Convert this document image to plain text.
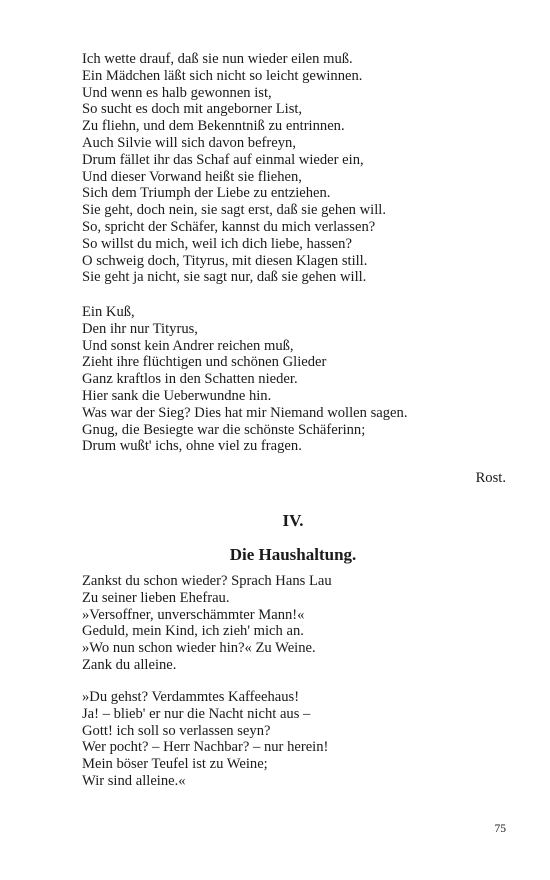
Ich wette drauf, daß sie nun wieder eilen muß.
Ein Mädchen läßt sich nicht so leicht gewinnen.
Und wenn es halb gewonnen ist,
So sucht es doch mit angeborner List,
Zu fliehn, und dem Bekenntniß zu entrinnen.
Auch Silvie will sich davon befreyn,
Drum fället ihr das Schaf auf einmal wieder ein,
Und dieser Vorwand heißt sie fliehen,
Sich dem Triumph der Liebe zu entziehen.
Sie geht, doch nein, sie sagt erst, daß sie gehen will.
So, spricht der Schäfer, kannst du mich verlassen?
So willst du mich, weil ich dich liebe, hassen?
O schweig doch, Tityrus, mit diesen Klagen still.
Sie geht ja nicht, sie sagt nur, daß sie gehen will.
Ein Kuß,
Den ihr nur Tityrus,
Und sonst kein Andrer reichen muß,
Zieht ihre flüchtigen und schönen Glieder
Ganz kraftlos in den Schatten nieder.
Hier sank die Ueberwundne hin.
Was war der Sieg? Dies hat mir Niemand wollen sagen.
Gnug, die Besiegte war die schönste Schäferinn;
Drum wußt' ichs, ohne viel zu fragen.
Rost.
IV.
Die Haushaltung.
Zankst du schon wieder? Sprach Hans Lau
Zu seiner lieben Ehefrau.
»Versoffner, unverschämmter Mann!«
Geduld, mein Kind, ich zieh' mich an.
»Wo nun schon wieder hin?« Zu Weine.
Zank du alleine.
»Du gehst? Verdammtes Kaffeehaus!
Ja! – blieb' er nur die Nacht nicht aus –
Gott! ich soll so verlassen seyn?
Wer pocht? – Herr Nachbar? – nur herein!
Mein böser Teufel ist zu Weine;
Wir sind alleine.«
75
